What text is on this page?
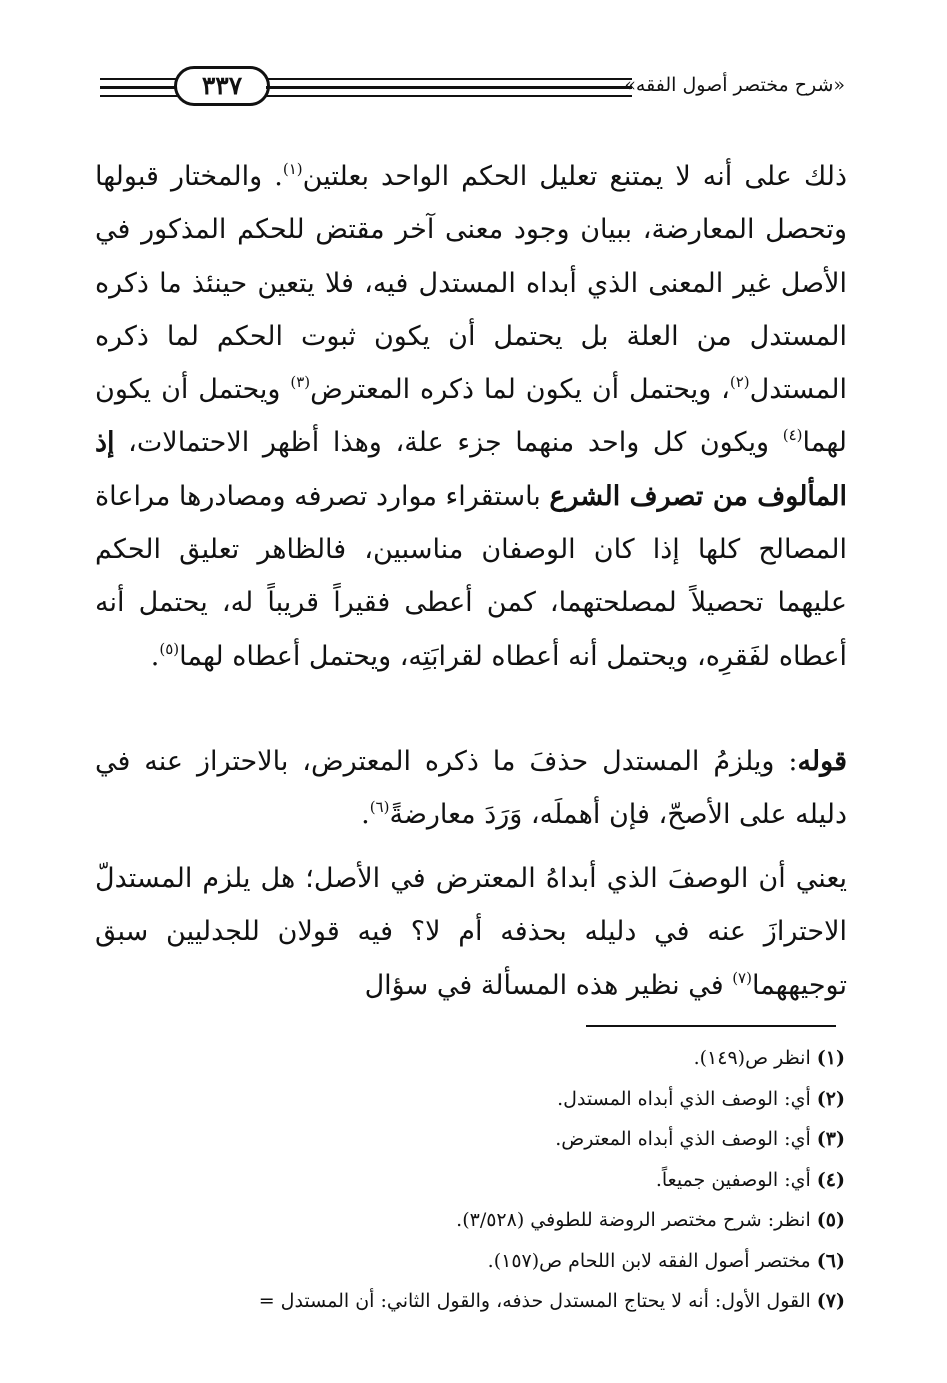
٣٣٧	«شرح مختصر أصول الفقه»
ذلك على أنه لا يمتنع تعليل الحكم الواحد بعلتين$^{(١)}$. والمختار قبولها وتحصل المعارضة، ببيان وجود معنى آخر مقتض للحكم المذكور في الأصل غير المعنى الذي أبداه المستدل فيه، فلا يتعين حينئذ ما ذكره المستدل من العلة بل يحتمل أن يكون ثبوت الحكم لما ذكره المستدل$^{(٢)}$، ويحتمل أن يكون لما ذكره المعترض$^{(٣)}$ ويحتمل أن يكون لهما$^{(٤)}$ ويكون كل واحد منهما جزء علة، وهذا أظهر الاحتمالات، إذ المألوف من تصرف الشرع باستقراء موارد تصرفه ومصادرها مراعاة المصالح كلها إذا كان الوصفان مناسبين، فالظاهر تعليق الحكم عليهما تحصيلاً لمصلحتهما، كمن أعطى فقيراً قريباً له، يحتمل أنه أعطاه لفَقرِه، ويحتمل أنه أعطاه لقرابَتِه، ويحتمل أعطاه لهما$^{(٥)}$.
قوله: ويلزمُ المستدل حذفَ ما ذكره المعترض، بالاحتراز عنه في دليله على الأصحّ، فإن أهملَه، وَرَدَ معارضةً$^{(٦)}$.
يعني أن الوصفَ الذي أبداهُ المعترض في الأصل؛ هل يلزم المستدلّ الاحترازَ عنه في دليله بحذفه أم لا؟ فيه قولان للجدليين سبق توجيههما$^{(٧)}$ في نظير هذه المسألة في سؤال
(١) انظر ص(١٤٩).
(٢) أي: الوصف الذي أبداه المستدل.
(٣) أي: الوصف الذي أبداه المعترض.
(٤) أي: الوصفين جميعاً.
(٥) انظر: شرح مختصر الروضة للطوفي (٣/٥٢٨).
(٦) مختصر أصول الفقه لابن اللحام ص(١٥٧).
(٧) القول الأول: أنه لا يحتاج المستدل حذفه، والقول الثاني: أن المستدل =
